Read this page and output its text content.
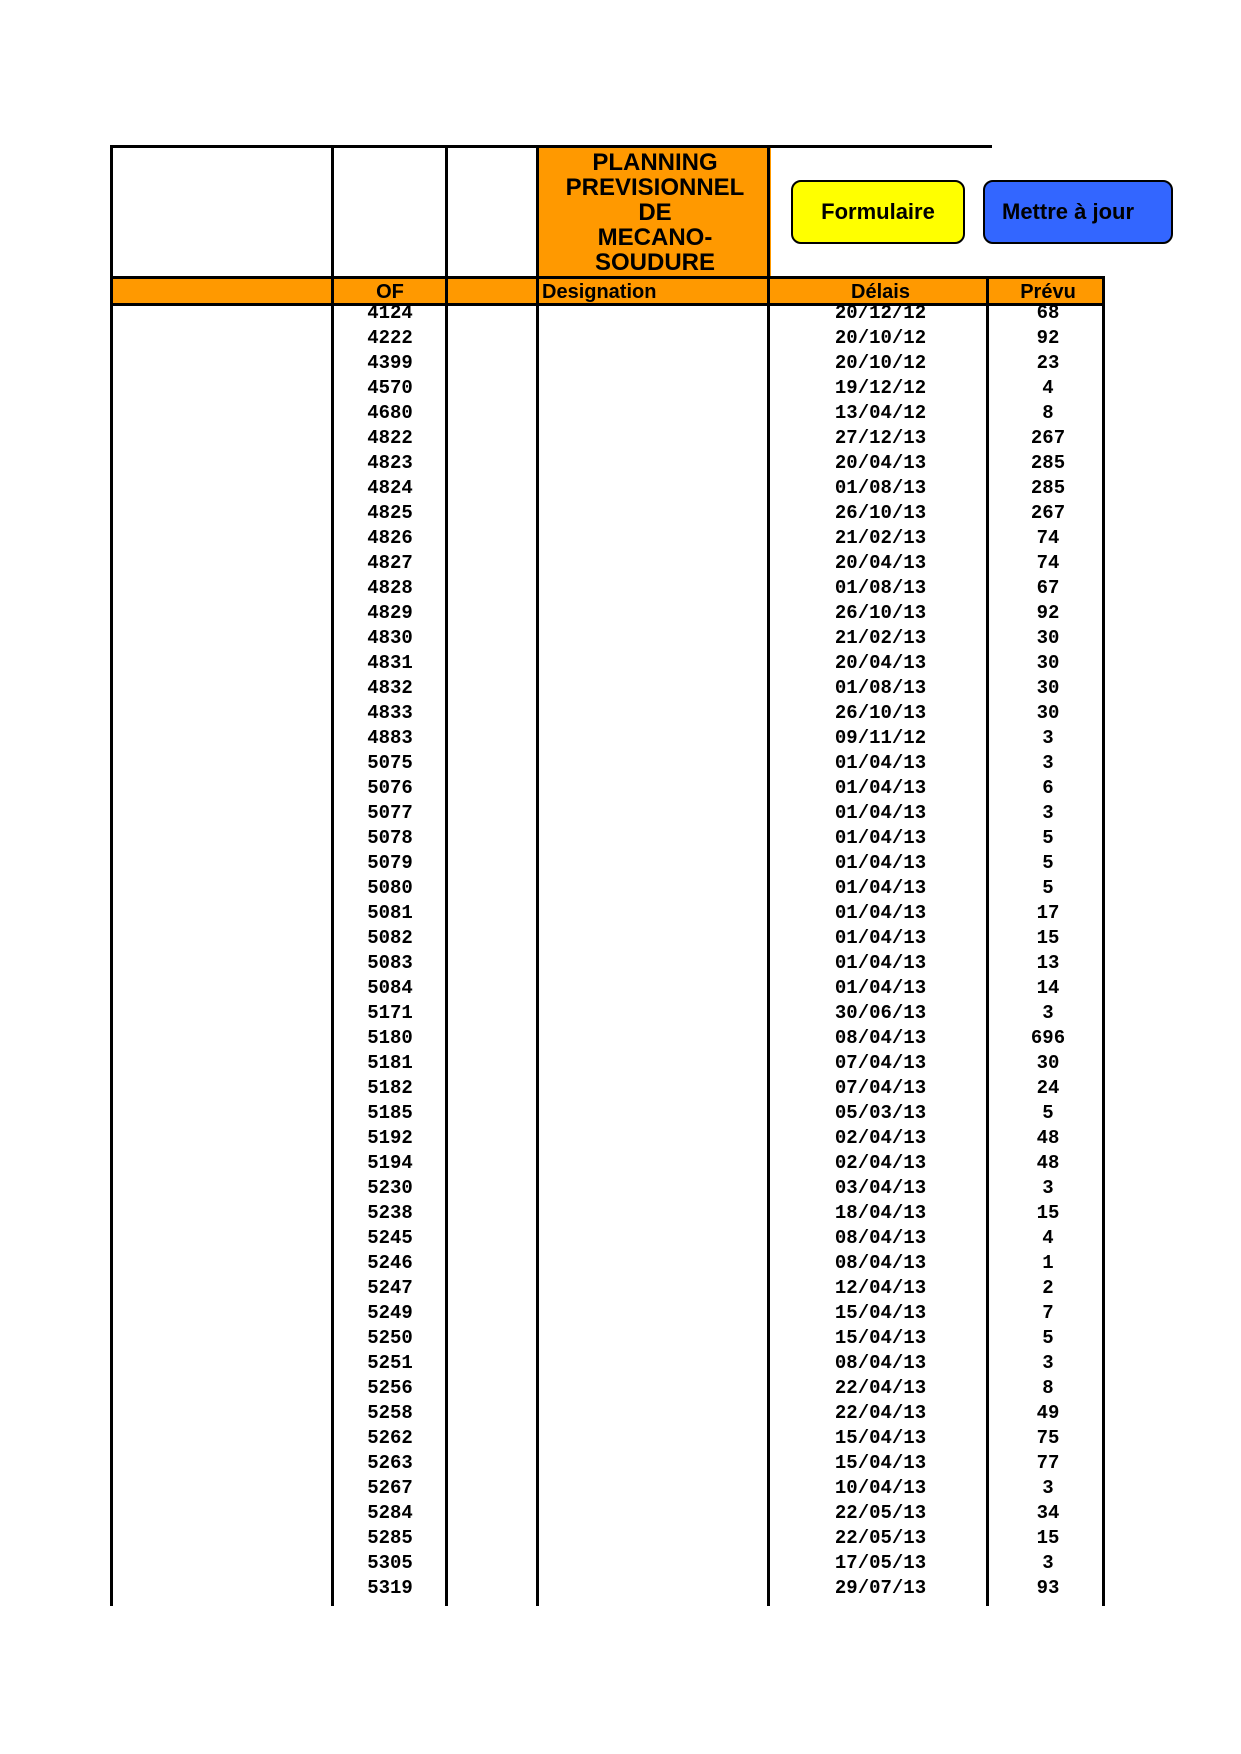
PLANNING
PREVISIONNEL
DE
MECANO-
SOUDURE
Formulaire	Mettre à jour
OF	Designation	Délais	Prévu
4124	20/12/12	68
4222	20/10/12	92
4399	20/10/12	23
4570	19/12/12	4
4680	13/04/12	8
4822	27/12/13	267
4823	20/04/13	285
4824	01/08/13	285
4825	26/10/13	267
4826	21/02/13	74
4827	20/04/13	74
4828	01/08/13	67
4829	26/10/13	92
4830	21/02/13	30
4831	20/04/13	30
4832	01/08/13	30
4833	26/10/13	30
4883	09/11/12	3
5075	01/04/13	3
5076	01/04/13	6
5077	01/04/13	3
5078	01/04/13	5
5079	01/04/13	5
5080	01/04/13	5
5081	01/04/13	17
5082	01/04/13	15
5083	01/04/13	13
5084	01/04/13	14
5171	30/06/13	3
5180	08/04/13	696
5181	07/04/13	30
5182	07/04/13	24
5185	05/03/13	5
5192	02/04/13	48
5194	02/04/13	48
5230	03/04/13	3
5238	18/04/13	15
5245	08/04/13	4
5246	08/04/13	1
5247	12/04/13	2
5249	15/04/13	7
5250	15/04/13	5
5251	08/04/13	3
5256	22/04/13	8
5258	22/04/13	49
5262	15/04/13	75
5263	15/04/13	77
5267	10/04/13	3
5284	22/05/13	34
5285	22/05/13	15
5305	17/05/13	3
5319	29/07/13	93
